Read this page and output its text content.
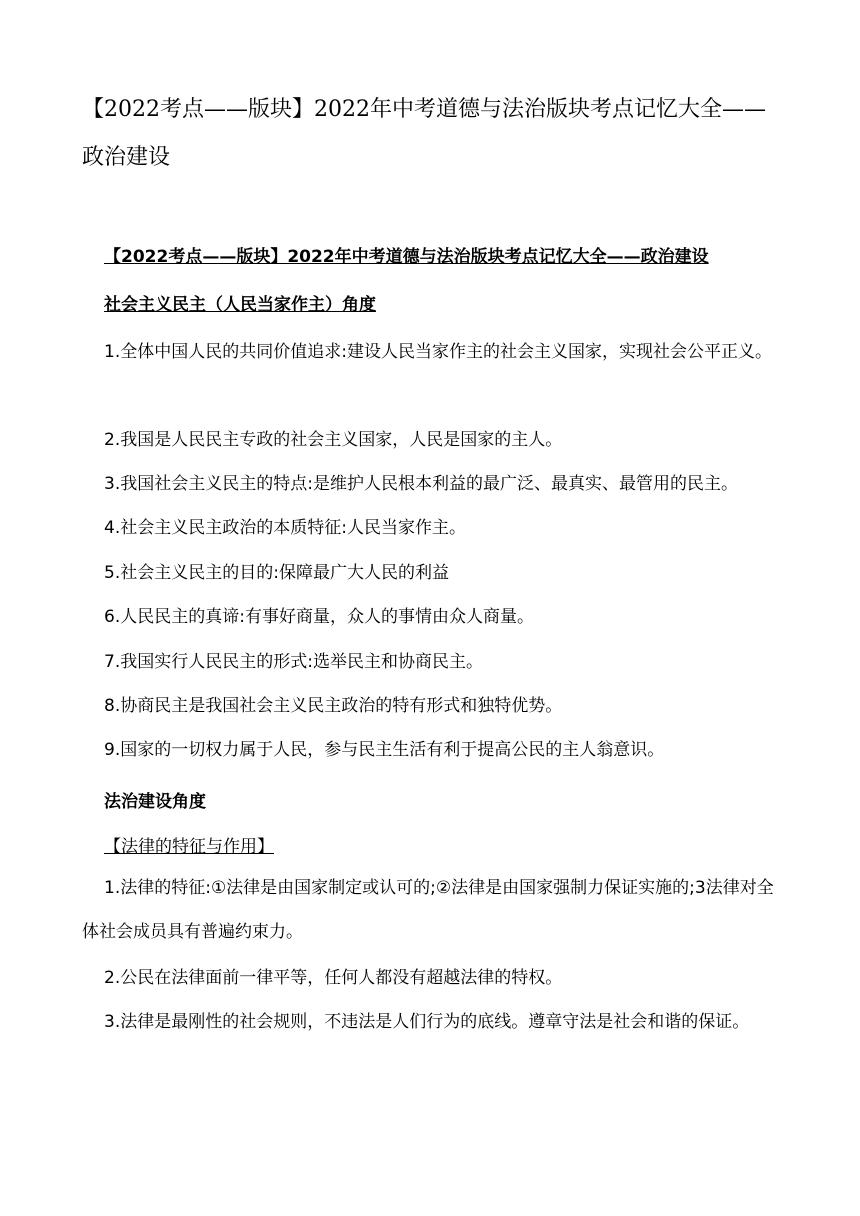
【2022考点——版块】2022年中考道德与法治版块考点记忆大全——政治建设

【2022考点——版块】2022年中考道德与法治版块考点记忆大全——政治建设

社会主义民主（人民当家作主）角度

1.全体中国人民的共同价值追求:建设人民当家作主的社会主义国家，实现社会公平正义。

2.我国是人民民主专政的社会主义国家，人民是国家的主人。

3.我国社会主义民主的特点:是维护人民根本利益的最广泛、最真实、最管用的民主。

4.社会主义民主政治的本质特征:人民当家作主。

5.社会主义民主的目的:保障最广大人民的利益

6.人民民主的真谛:有事好商量，众人的事情由众人商量。

7.我国实行人民民主的形式:选举民主和协商民主。

8.协商民主是我国社会主义民主政治的特有形式和独特优势。

9.国家的一切权力属于人民，参与民主生活有利于提高公民的主人翁意识。

法治建设角度

【法律的特征与作用】

1.法律的特征:①法律是由国家制定或认可的;②法律是由国家强制力保证实施的;3法律对全体社会成员具有普遍约束力。

2.公民在法律面前一律平等，任何人都没有超越法律的特权。

3.法律是最刚性的社会规则，不违法是人们行为的底线。遵章守法是社会和谐的保证。
